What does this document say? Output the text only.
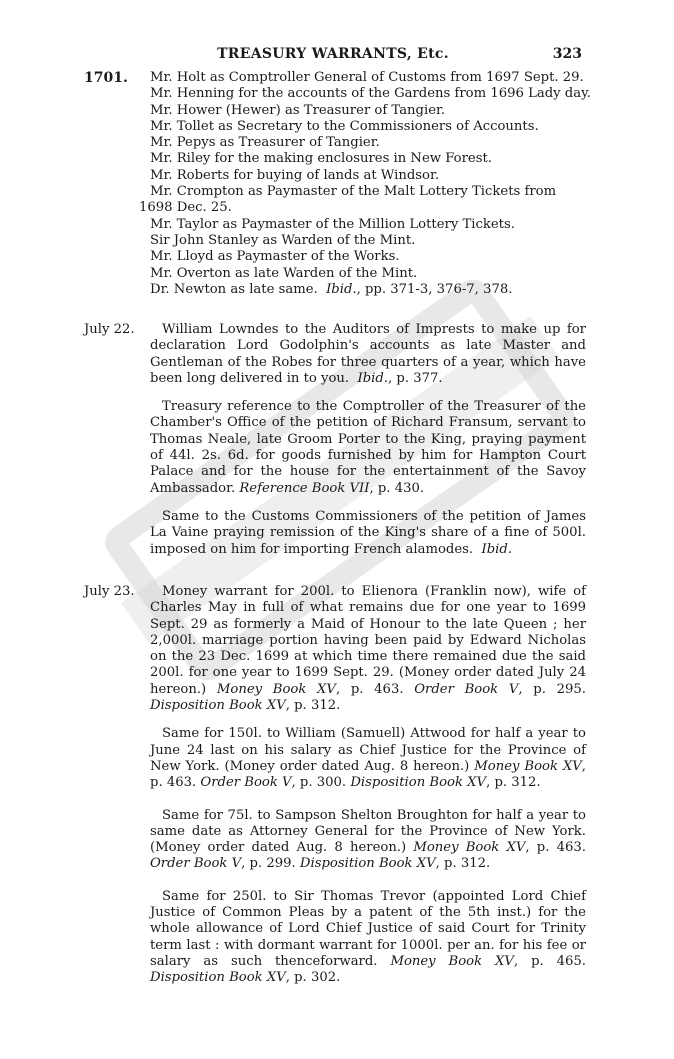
TREASURY WARRANTS, Etc.	323
1701. Mr. Holt as Comptroller General of Customs from 1697 Sept. 29.
Mr. Henning for the accounts of the Gardens from 1696 Lady day.
Mr. Hower (Hewer) as Treasurer of Tangier.
Mr. Tollet as Secretary to the Commissioners of Accounts.
Mr. Pepys as Treasurer of Tangier.
Mr. Riley for the making enclosures in New Forest.
Mr. Roberts for buying of lands at Windsor.
Mr. Crompton as Paymaster of the Malt Lottery Tickets from
1698 Dec. 25.
Mr. Taylor as Paymaster of the Million Lottery Tickets.
Sir John Stanley as Warden of the Mint.
Mr. Lloyd as Paymaster of the Works.
Mr. Overton as late Warden of the Mint.
Dr. Newton as late same. Ibid., pp. 371-3, 376-7, 378.
July 22.	William Lowndes to the Auditors of Imprests to make up for declaration Lord Godolphin's accounts as late Master and Gentleman of the Robes for three quarters of a year, which have been long delivered in to you. Ibid., p. 377.

Treasury reference to the Comptroller of the Treasurer of the Chamber's Office of the petition of Richard Fransum, servant to Thomas Neale, late Groom Porter to the King, praying payment of 44l. 2s. 6d. for goods furnished by him for Hampton Court Palace and for the house for the entertainment of the Savoy Ambassador. Reference Book VII, p. 430.

Same to the Customs Commissioners of the petition of James La Vaine praying remission of the King's share of a fine of 500l. imposed on him for importing French alamodes. Ibid.

July 23.	Money warrant for 200l. to Elienora (Franklin now), wife of Charles May in full of what remains due for one year to 1699 Sept. 29 as formerly a Maid of Honour to the late Queen ; her 2,000l. marriage portion having been paid by Edward Nicholas on the 23 Dec. 1699 at which time there remained due the said 200l. for one year to 1699 Sept. 29. (Money order dated July 24 hereon.) Money Book XV, p. 463. Order Book V, p. 295. Disposition Book XV, p. 312.

Same for 150l. to William (Samuell) Attwood for half a year to June 24 last on his salary as Chief Justice for the Province of New York. (Money order dated Aug. 8 hereon.) Money Book XV, p. 463. Order Book V, p. 300. Disposition Book XV, p. 312.

Same for 75l. to Sampson Shelton Broughton for half a year to same date as Attorney General for the Province of New York. (Money order dated Aug. 8 hereon.) Money Book XV, p. 463. Order Book V, p. 299. Disposition Book XV, p. 312.

Same for 250l. to Sir Thomas Trevor (appointed Lord Chief Justice of Common Pleas by a patent of the 5th inst.) for the whole allowance of Lord Chief Justice of said Court for Trinity term last : with dormant warrant for 1000l. per an. for his fee or salary as such thenceforward. Money Book XV, p. 465. Disposition Book XV, p. 302.
